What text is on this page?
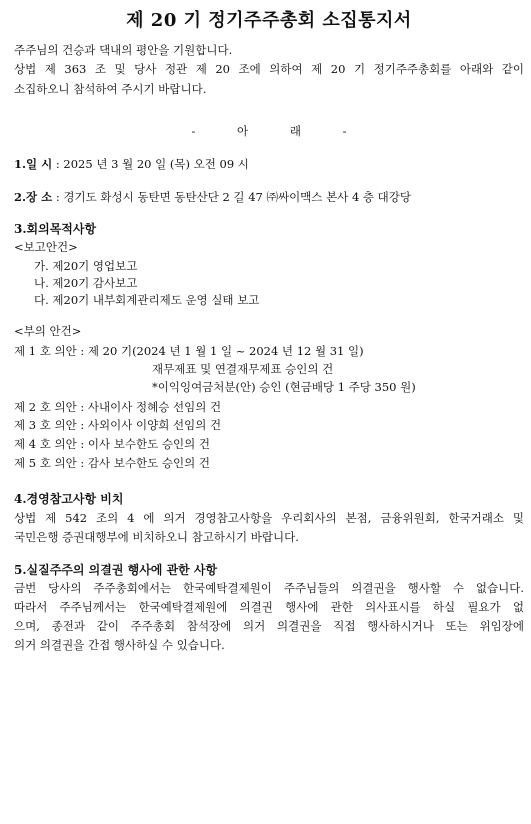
제 20 기 정기주주총회 소집통지서
주주님의 건승과 댁내의 평안을 기원합니다.
상법 제 363 조 및 당사 정관 제 20 조에 의하여 제 20 기 정기주주총회를 아래와 같이
소집하오니 참석하여 주시기 바랍니다.
- 아 래 -
1.일 시 : 2025 년 3 월 20 일 (목) 오전 09 시
2.장 소 : 경기도 화성시 동탄면 동탄산단 2 길 47 ㈜싸이맥스 본사 4 층 대강당
3.회의목적사항
<보고안건>
가. 제20기 영업보고
나. 제20기 감사보고
다. 제20기 내부회계관리제도 운영 실태 보고
<부의 안건>
제 1 호 의안 : 제 20 기(2024 년 1 월 1 일 ~ 2024 년 12 월 31 일)
재무제표 및 연결재무제표 승인의 건
*이익잉여금처분(안) 승인 (현금배당 1 주당 350 원)
제 2 호 의안 : 사내이사 정혜승 선임의 건
제 3 호 의안 : 사외이사 이양희 선임의 건
제 4 호 의안 : 이사 보수한도 승인의 건
제 5 호 의안 : 감사 보수한도 승인의 건
4.경영참고사항 비치
상법 제 542 조의 4 에 의거 경영참고사항을 우리회사의 본점, 금융위원회, 한국거래소 및
국민은행 증권대행부에 비치하오니 참고하시기 바랍니다.
5.실질주주의 의결권 행사에 관한 사항
금번 당사의 주주총회에서는 한국예탁결제원이 주주님들의 의결권을 행사할 수 없습니다.
따라서 주주님께서는 한국예탁결제원에 의결권 행사에 관한 의사표시를 하실 필요가 없
으며, 종전과 같이 주주총회 참석장에 의거 의결권을 직접 행사하시거나 또는 위임장에
의거 의결권을 간접 행사하실 수 있습니다.
